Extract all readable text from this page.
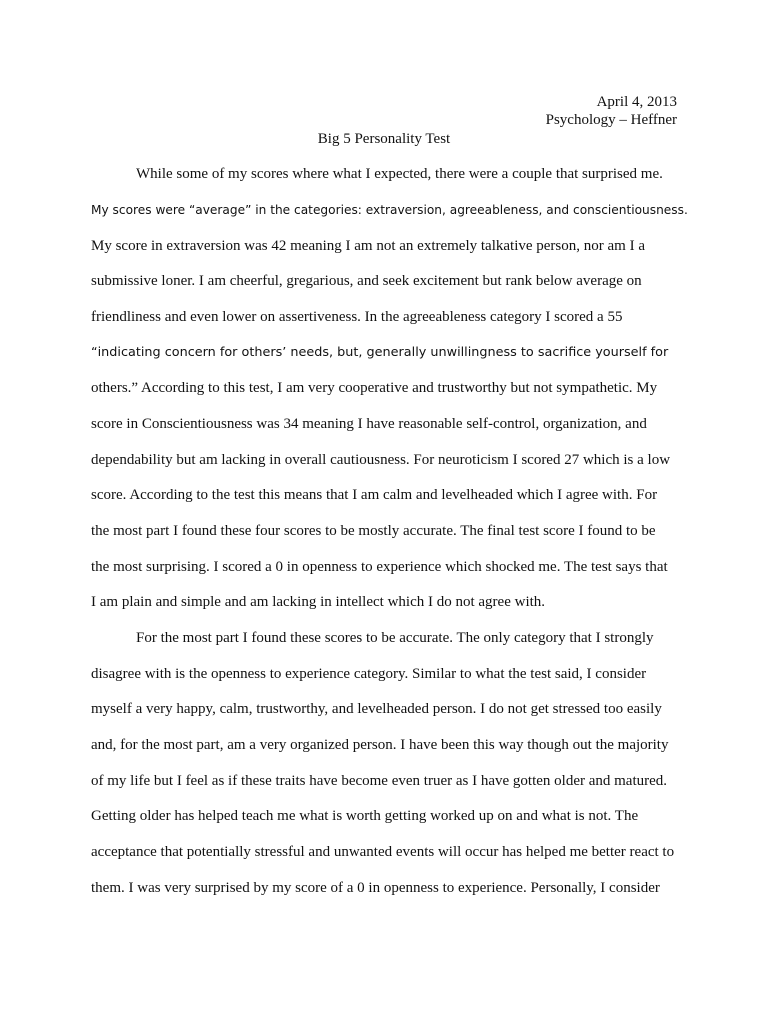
April 4, 2013
Psychology – Heffner
Big 5 Personality Test
While some of my scores where what I expected, there were a couple that surprised me.
My scores were “average” in the categories: extraversion, agreeableness, and conscientiousness.
My score in extraversion was 42 meaning I am not an extremely talkative person, nor am I a
submissive loner. I am cheerful, gregarious, and seek excitement but rank below average on
friendliness and even lower on assertiveness. In the agreeableness category I scored a 55
“indicating concern for others’ needs, but, generally unwillingness to sacrifice yourself for
others.” According to this test, I am very cooperative and trustworthy but not sympathetic. My
score in Conscientiousness was 34 meaning I have reasonable self-control, organization, and
dependability but am lacking in overall cautiousness. For neuroticism I scored 27 which is a low
score. According to the test this means that I am calm and levelheaded which I agree with. For
the most part I found these four scores to be mostly accurate. The final test score I found to be
the most surprising. I scored a 0 in openness to experience which shocked me. The test says that
I am plain and simple and am lacking in intellect which I do not agree with.
For the most part I found these scores to be accurate. The only category that I strongly
disagree with is the openness to experience category. Similar to what the test said, I consider
myself a very happy, calm, trustworthy, and levelheaded person. I do not get stressed too easily
and, for the most part, am a very organized person. I have been this way though out the majority
of my life but I feel as if these traits have become even truer as I have gotten older and matured.
Getting older has helped teach me what is worth getting worked up on and what is not. The
acceptance that potentially stressful and unwanted events will occur has helped me better react to
them. I was very surprised by my score of a 0 in openness to experience. Personally, I consider
